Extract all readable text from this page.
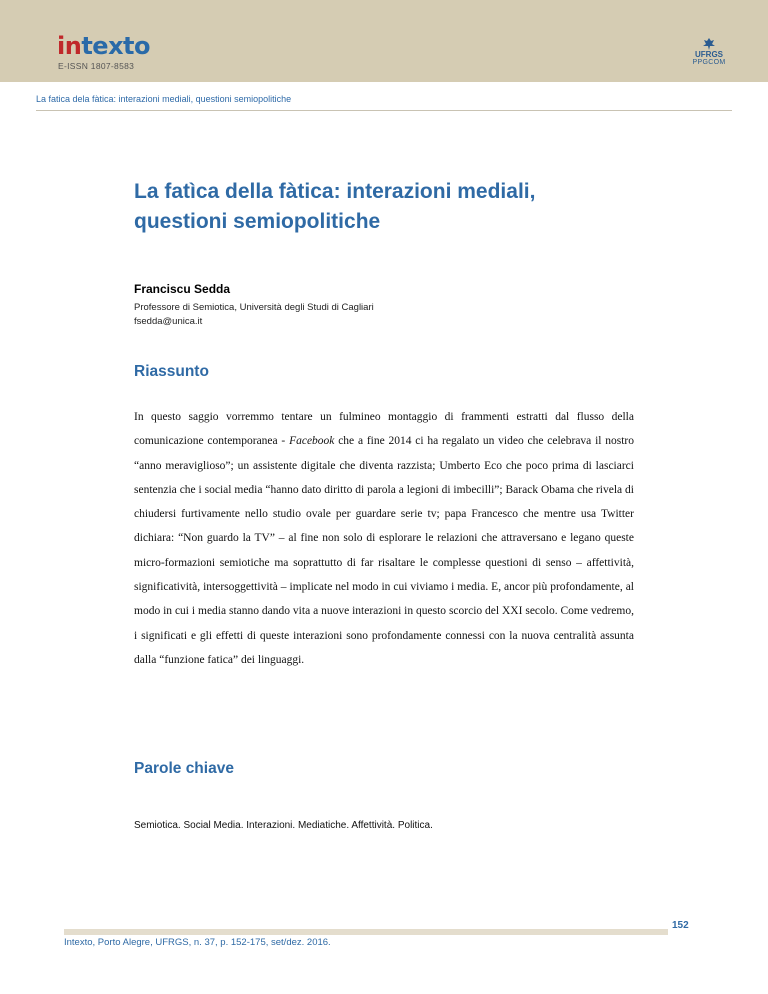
intexto
E-ISSN 1807-8583
UFRGS
PPGCOM
La fatica dela fàtica: interazioni mediali, questioni semiopolitiche
La fatìca della fàtica: interazioni mediali, questioni semiopolitiche
Franciscu Sedda
Professore di Semiotica, Università degli Studi di Cagliari
fsedda@unica.it
Riassunto

In questo saggio vorremmo tentare un fulmineo montaggio di frammenti estratti dal flusso della comunicazione contemporanea - Facebook che a fine 2014 ci ha regalato un video che celebrava il nostro “anno meraviglioso”; un assistente digitale che diventa razzista; Umberto Eco che poco prima di lasciarci sentenzia che i social media “hanno dato diritto di parola a legioni di imbecilli”; Barack Obama che rivela di chiudersi furtivamente nello studio ovale per guardare serie tv; papa Francesco che mentre usa Twitter dichiara: “Non guardo la TV” – al fine non solo di esplorare le relazioni che attraversano e legano queste micro-formazioni semiotiche ma soprattutto di far risaltare le complesse questioni di senso – affettività, significatività, intersoggettività – implicate nel modo in cui viviamo i media. E, ancor più profondamente, al modo in cui i media stanno dando vita a nuove interazioni in questo scorcio del XXI secolo. Come vedremo, i significati e gli effetti di queste interazioni sono profondamente connessi con la nuova centralità assunta dalla “funzione fatica” dei linguaggi.

Parole chiave

Semiotica. Social Media. Interazioni. Mediatiche. Affettività. Politica.

152
Intexto, Porto Alegre, UFRGS, n. 37, p. 152-175, set/dez. 2016.
